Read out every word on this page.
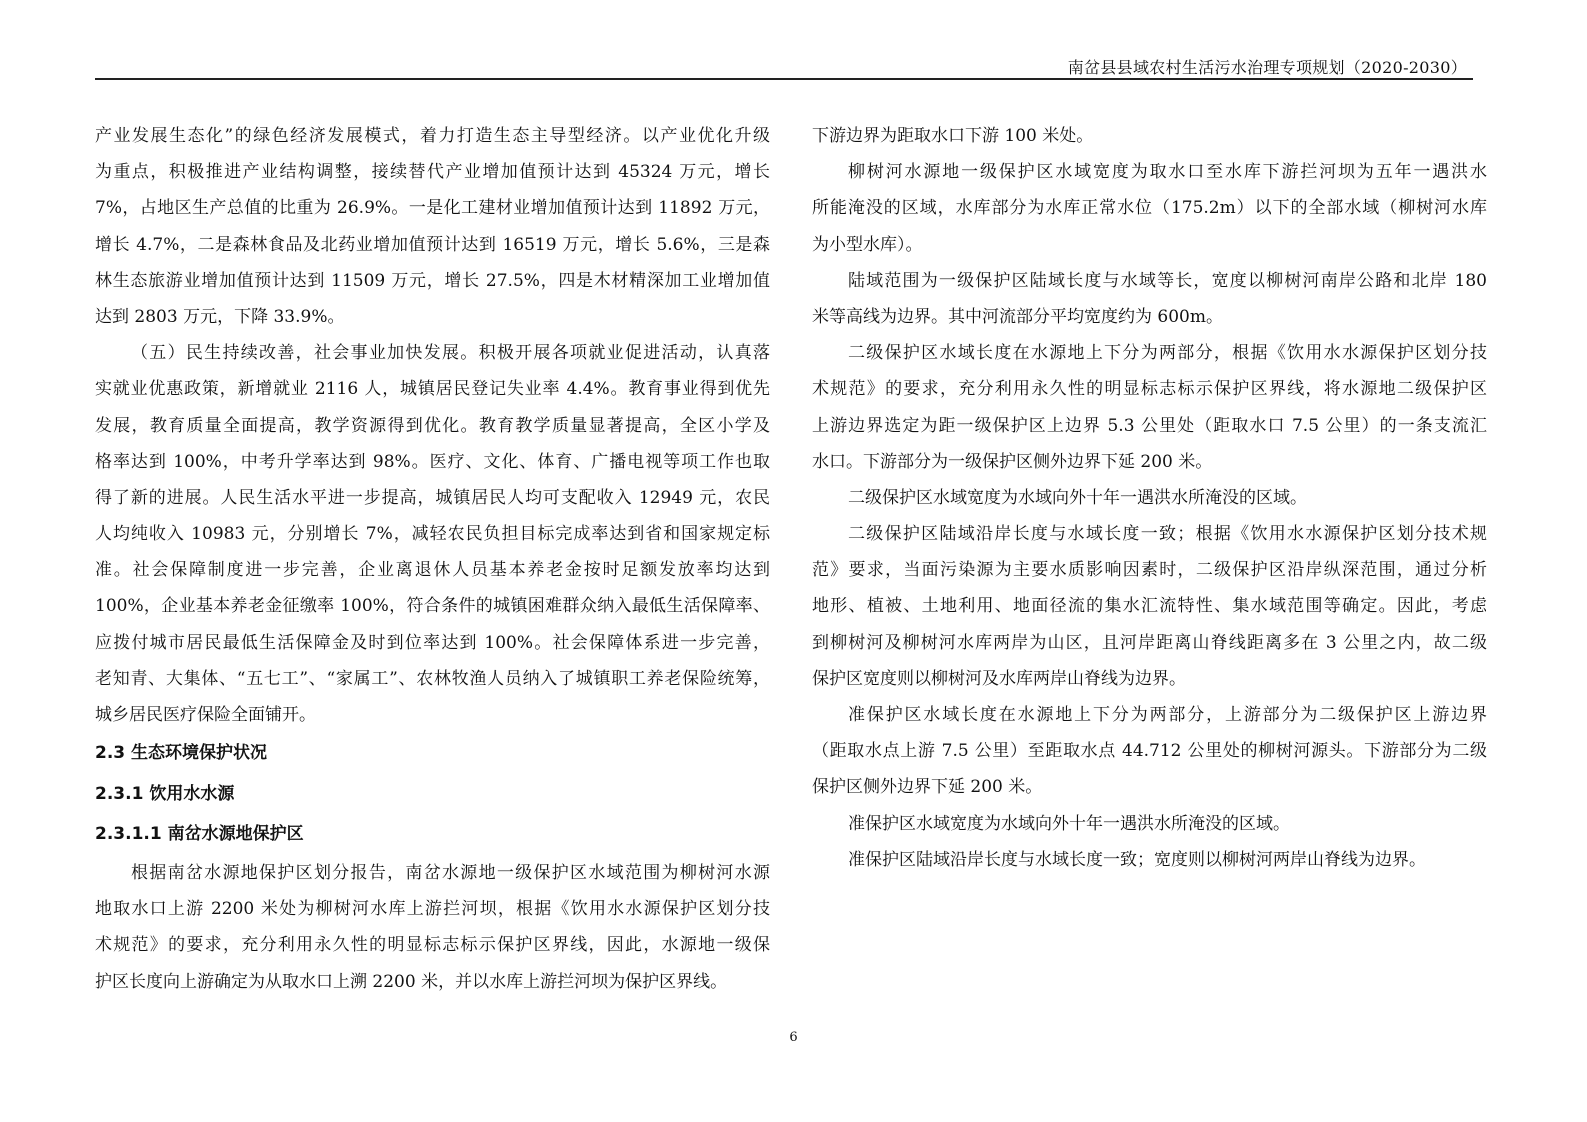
南岔县县域农村生活污水治理专项规划（2020-2030）
产业发展生态化”的绿色经济发展模式，着力打造生态主导型经济。以产业优化升级
为重点，积极推进产业结构调整，接续替代产业增加值预计达到 45324 万元，增长
7%，占地区生产总值的比重为 26.9%。一是化工建材业增加值预计达到 11892 万元，
增长 4.7%，二是森林食品及北药业增加值预计达到 16519 万元，增长 5.6%，三是森
林生态旅游业增加值预计达到 11509 万元，增长 27.5%，四是木材精深加工业增加值
达到 2803 万元，下降 33.9%。
（五）民生持续改善，社会事业加快发展。积极开展各项就业促进活动，认真落
实就业优惠政策，新增就业 2116 人，城镇居民登记失业率 4.4%。教育事业得到优先
发展，教育质量全面提高，教学资源得到优化。教育教学质量显著提高，全区小学及
格率达到 100%，中考升学率达到 98%。医疗、文化、体育、广播电视等项工作也取
得了新的进展。人民生活水平进一步提高，城镇居民人均可支配收入 12949 元，农民
人均纯收入 10983 元，分别增长 7%，减轻农民负担目标完成率达到省和国家规定标
准。社会保障制度进一步完善，企业离退休人员基本养老金按时足额发放率均达到
100%，企业基本养老金征缴率 100%，符合条件的城镇困难群众纳入最低生活保障率、
应拨付城市居民最低生活保障金及时到位率达到 100%。社会保障体系进一步完善，
老知青、大集体、“五七工”、“家属工”、农林牧渔人员纳入了城镇职工养老保险统筹，
城乡居民医疗保险全面铺开。
2.3 生态环境保护状况
2.3.1 饮用水水源
2.3.1.1 南岔水源地保护区
根据南岔水源地保护区划分报告，南岔水源地一级保护区水域范围为柳树河水源
地取水口上游 2200 米处为柳树河水库上游拦河坝，根据《饮用水水源保护区划分技
术规范》的要求，充分利用永久性的明显标志标示保护区界线，因此，水源地一级保
护区长度向上游确定为从取水口上溯 2200 米，并以水库上游拦河坝为保护区界线。
下游边界为距取水口下游 100 米处。
柳树河水源地一级保护区水域宽度为取水口至水库下游拦河坝为五年一遇洪水
所能淹没的区域，水库部分为水库正常水位（175.2m）以下的全部水域（柳树河水库
为小型水库）。
陆域范围为一级保护区陆域长度与水域等长，宽度以柳树河南岸公路和北岸 180
米等高线为边界。其中河流部分平均宽度约为 600m。
二级保护区水域长度在水源地上下分为两部分，根据《饮用水水源保护区划分技
术规范》的要求，充分利用永久性的明显标志标示保护区界线，将水源地二级保护区
上游边界选定为距一级保护区上边界 5.3 公里处（距取水口 7.5 公里）的一条支流汇
水口。下游部分为一级保护区侧外边界下延 200 米。
二级保护区水域宽度为水域向外十年一遇洪水所淹没的区域。
二级保护区陆域沿岸长度与水域长度一致；根据《饮用水水源保护区划分技术规
范》要求，当面污染源为主要水质影响因素时，二级保护区沿岸纵深范围，通过分析
地形、植被、土地利用、地面径流的集水汇流特性、集水域范围等确定。因此，考虑
到柳树河及柳树河水库两岸为山区，且河岸距离山脊线距离多在 3 公里之内，故二级
保护区宽度则以柳树河及水库两岸山脊线为边界。
准保护区水域长度在水源地上下分为两部分，上游部分为二级保护区上游边界
（距取水点上游 7.5 公里）至距取水点 44.712 公里处的柳树河源头。下游部分为二级
保护区侧外边界下延 200 米。
准保护区水域宽度为水域向外十年一遇洪水所淹没的区域。
准保护区陆域沿岸长度与水域长度一致；宽度则以柳树河两岸山脊线为边界。
6
